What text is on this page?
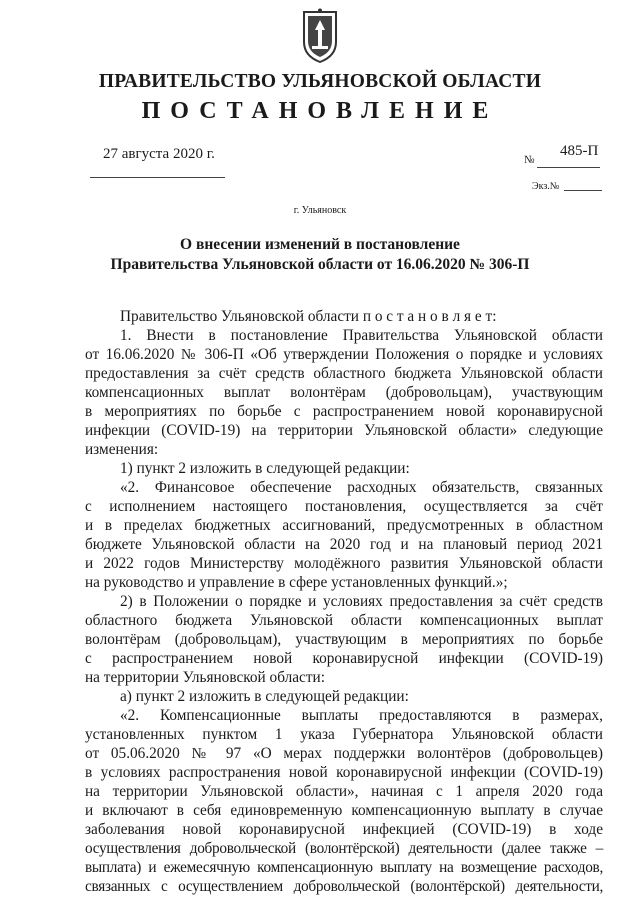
ПРАВИТЕЛЬСТВО УЛЬЯНОВСКОЙ ОБЛАСТИ
ПОСТАНОВЛЕНИЕ
27 августа 2020 г.	№
485-П
Экз.№
г. Ульяновск
О внесении изменений в постановление
Правительства Ульяновской области от 16.06.2020 № 306-П
Правительство Ульяновской области п о с т а н о в л я е т:
1. Внести в постановление Правительства Ульяновской области
от 16.06.2020 № 306-П «Об утверждении Положения о порядке и условиях
предоставления за счёт средств областного бюджета Ульяновской области
компенсационных выплат волонтёрам (добровольцам), участвующим
в мероприятиях по борьбе с распространением новой коронавирусной
инфекции (COVID-19) на территории Ульяновской области» следующие
изменения:
1) пункт 2 изложить в следующей редакции:
«2. Финансовое обеспечение расходных обязательств, связанных
с исполнением настоящего постановления, осуществляется за счёт
и в пределах бюджетных ассигнований, предусмотренных в областном
бюджете Ульяновской области на 2020 год и на плановый период 2021
и 2022 годов Министерству молодёжного развития Ульяновской области
на руководство и управление в сфере установленных функций.»;
2) в Положении о порядке и условиях предоставления за счёт средств
областного бюджета Ульяновской области компенсационных выплат
волонтёрам (добровольцам), участвующим в мероприятиях по борьбе
с распространением новой коронавирусной инфекции (COVID-19)
на территории Ульяновской области:
а) пункт 2 изложить в следующей редакции:
«2. Компенсационные выплаты предоставляются в размерах,
установленных пунктом 1 указа Губернатора Ульяновской области
от 05.06.2020 № 97 «О мерах поддержки волонтёров (добровольцев)
в условиях распространения новой коронавирусной инфекции (COVID-19)
на территории Ульяновской области», начиная с 1 апреля 2020 года
и включают в себя единовременную компенсационную выплату в случае
заболевания новой коронавирусной инфекцией (COVID-19) в ходе
осуществления добровольческой (волонтёрской) деятельности (далее также –
выплата) и ежемесячную компенсационную выплату на возмещение расходов,
связанных с осуществлением добровольческой (волонтёрской) деятельности,
